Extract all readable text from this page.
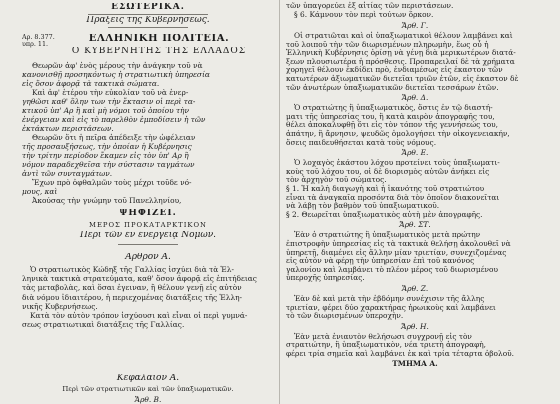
ΕΣΩΤΕΡΙΚΑ.
Πράξεις τῆς Κυβερνήσεως.
Αρ. 8.377.
υπρ. 11.	ΕΛΛΗΝΙΚΗ ΠΟΛΙΤΕΙΑ.
Ο ΚΥΒΕΡΝΗΤΗΣ ΤΗΣ ΕΛΛΑΔΟΣ
Θεωρῶν ἀφ' ἑνὸς μέρους τὴν ἀνάγκην τοῦ νὰ
κανονισθῇ προσηκόντως ἡ στρατιωτικὴ ὑπηρεσία
εἰς ὅσον ἀφορᾷ τὰ τακτικὰ σώματα.
Καὶ ἀφ' ἑτέρου τὴν εὐκολίαν τοῦ νὰ ἐνερ-
γηθῶσι καθ' ὅλην των τὴν ἔκτασιν οἱ περὶ τα-
κτικοῦ ὑπ' Αρ ἢ καὶ μὴ νόμοι τοῦ ὁποίου τὴν
ἐνέργειαν καὶ εἰς τὸ παρελθὸν ἐμποδίσειν ἡ τῶν
ἐκτάκτων περιστάσεων.
Θεωρῶν ὅτι ἡ πεῖρα ἀπέδειξε τὴν ὠφέλειαν
τῆς προσαυξήσεως, τὴν ὁποίαν ἡ Κυβέρνησις
τὴν τρίτην περίοδον ἔκαμεν εἰς τὸν ὑπ' Αρ ἢ
νόμον παραδεχθεῖσα τὴν σύστασιν ταγμάτων
ἀντὶ τῶν συνταγμάτων.
Ἔχων πρὸ ὀφθαλμῶν τοὺς μέχρι τοῦδε νό-
μους, καὶ
Ἀκούσας τὴν γνώμην τοῦ Πανελληνίου,
ΨΗΦΙΖΕΙ.
ΜΕΡΟΣ ΠΡΟΚΑΤΑΡΚΤΙΚΟΝ
Περὶ τῶν ἐν ἐνεργείᾳ Νόμων.
Ἄρθρον Α.
Ὁ στρατιωτικὸς Κώδηξ τῆς Γαλλίας ἰσχύει διὰ τὰ Ἑλ-
ληνικὰ τακτικὰ στρατεύματα, καθ' ὅσον ἀφορᾷ εἰς ἐπιτήδειας
τὰς μεταβολὰς, καὶ ὅσαι ἐγειναν, ἢ θέλουν γενῇ εἰς αὐτὸν
διὰ νόμου ἰδιαιτέρου, ἡ περιεχομένας διατάξεις τῆς Ἑλλη-
νικῆς Κυβερνήσεως.
Κατὰ τὸν αὐτὸν τρόπον ἰσχύουσι καὶ εἶναι οἱ περὶ γυμνά-
σεως στρατιωτικαὶ διατάξεις τῆς Γαλλίας.
Κεφάλαιον Α.
Περὶ τῶν στρατιωτικῶν καὶ τῶν ὑπαξιωματικῶν.
Ἄρθ. Β.
τῶν ὑπαγορεύει ἐξ αἰτίας τῶν περιστάσεων.
§ 6. Κάμνουν τὸν περὶ τούτων ὅρκον.
Ἄρθ. Γ.
Οἱ στρατιῶται καὶ οἱ ὑπαξιωματικοὶ θέλουν λαμβάνει καὶ
τοῦ λοιποῦ τὴν τῶν διωρισμένων πληρωμὴν, ἕως οὗ ἡ
Ἑλληνικὴ Κυβέρνησις ὁρίσῃ νὰ γένῃ διὰ μερικωτέρων διατά-
ξεων πλουσιωτέρα ἡ πρόσθεσις. Προπαρειλαί δὲ τὰ χρήματα
χορηγεῖ θέλουν ἐκδίδει πρὸ, ἐνδιαμέσως εἰς ἐκαστον τῶν
κατωτέρων ἀξιωματικῶν διετεῖαι τριῶν ἐτῶν, εἰς ἐκαστον δὲ
τῶν ἀνωτέρων ὑπαξιωματικῶν διετεῖαι τεσσάρων ἐτῶν.
Ἄρθ. Δ.
Ὁ στρατιώτης ἢ ὑπαξιωματικὸς, ὅστις ἐν τῷ διαστή-
ματι τῆς ὑπηρεσίας του, ἢ κατὰ καιρὸν ἀπογραφῆς του,
θέλει ἀποκαλυφθῇ ὅτι εἰς τὸν τόπον τῆς γεννήσεώς του,
ἀπάτην, ἢ ἄρνησιν, ψευδῶς ὁμολογήσει τὴν οἰκογενειακήν,
ὅσεις παιδευθήσεται κατὰ τοὺς νόμους.
Ἄρθ. Ε.
Ὁ λοχαγὸς ἐκάστου λόχου προτείνει τοὺς ὑπαξιωματι-
κοὺς τοῦ λόχου του, οἱ δὲ διορισμὸς αὐτῶν ἀνήκει εἰς
τὸν ἀρχηγὸν τοῦ σώματος.
§ 1. Ἡ καλὴ διαγωγὴ καὶ ἡ ἱκανότης τοῦ στρατιώτου
εἶναι τὰ ἀναγκαῖα προσόντα διὰ τὸν ὁποῖον διακονεῖται
νὰ λάβῃ τὸν βαθμὸν τοῦ ὑπαξιωματικοῦ.
§ 2. Θεωρεῖται ὑπαξιωματικὸς αὐτὴ μὲν ἀπογραφῆς.
Ἄρθ. ΣΤ.
Ἐὰν ὁ στρατιώτης ἢ ὑπαξιωματικὸς μετὰ πρώτην
ἐπιστροφὴν ὑπηρεσίας εἰς τὰ τακτικὰ θελήσῃ ἀκολουθεῖ νὰ
ὑπηρετῇ, διαμένει εἰς ἄλλην μίαν τριετίαν, συνεχιζομένας
εἰς αὐτὸν νὰ φέρῃ τὴν ὑπηρεσίαν ἐπὶ τοῦ κανόνος
γαλονίου καὶ λαμβάνει τὸ πλέον μέρος τοῦ διωρισμένου
ὑπεροχῆς ὑπηρεσίας.
Ἄρθ. Ζ.
Ἐὰν δὲ καὶ μετὰ τὴν ἐβδόμην συνέχισιν τῆς ἄλλης
τριετίαν, φέρει δύο χαρακτήρας ἡρωικοὺς καὶ λαμβάνει
τὸ τῶν διωρισμένων ὑπεροχὴν.
Ἄρθ. Η.
Ἐὰν μετὰ ἐνιαυτὸν θελήσωσι συγχρονῇ εἰς τὸν
στρατιώτην, ἢ ὑπαξιωματικὸν, νέα τριετὴ ἀπογραφὴ,
φέρει τρία σημεῖα καὶ λαμβάνει ἐκ καὶ τρία τέταρτα ὀβολοῦ.
ΤΜΗΜΑ Α.
